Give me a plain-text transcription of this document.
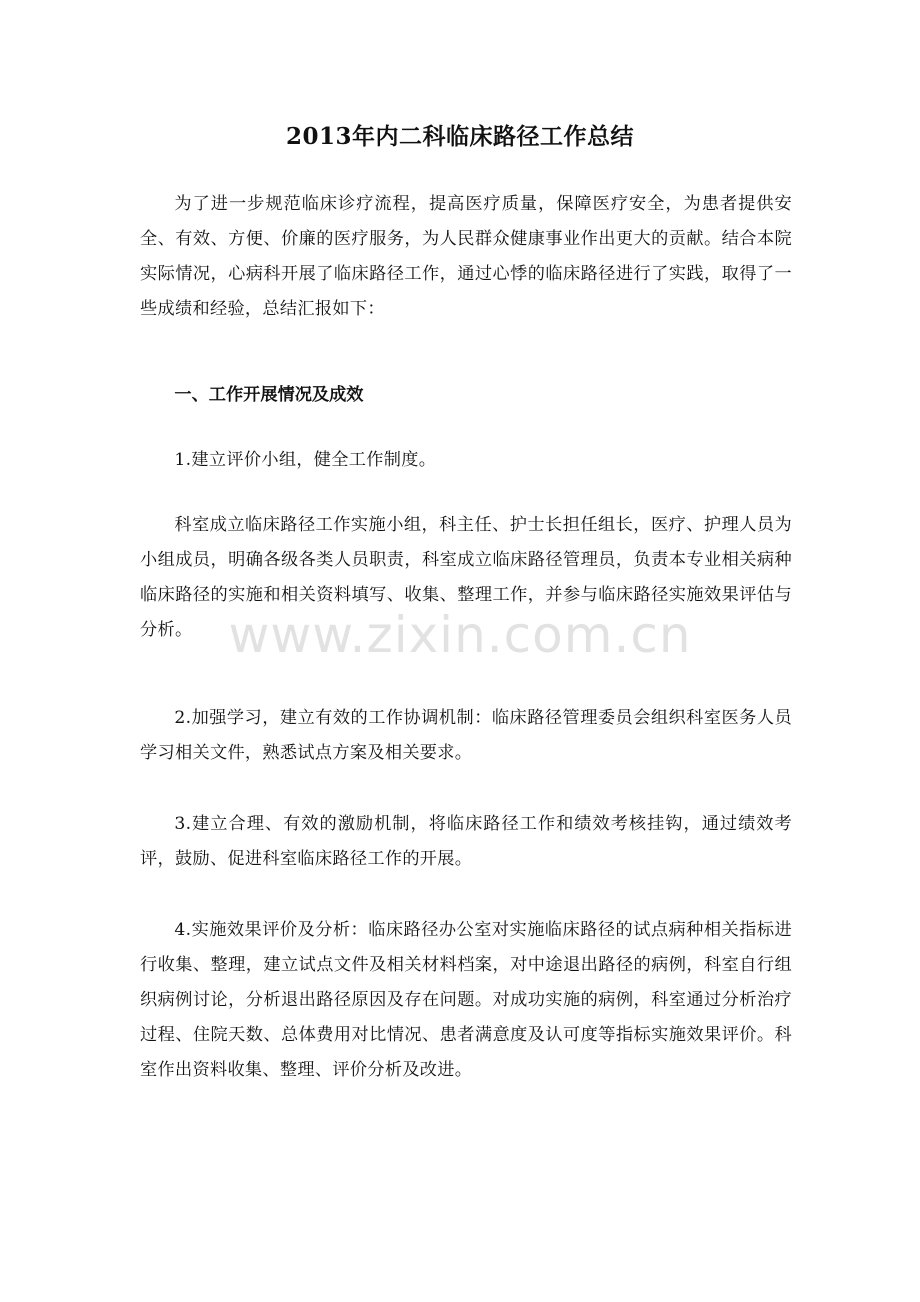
2013年内二科临床路径工作总结

为了进一步规范临床诊疗流程，提高医疗质量，保障医疗安全，为患者提供安全、有效、方便、价廉的医疗服务，为人民群众健康事业作出更大的贡献。结合本院实际情况，心病科开展了临床路径工作，通过心悸的临床路径进行了实践，取得了一些成绩和经验，总结汇报如下：

一、工作开展情况及成效

1.建立评价小组，健全工作制度。

科室成立临床路径工作实施小组，科主任、护士长担任组长，医疗、护理人员为小组成员，明确各级各类人员职责，科室成立临床路径管理员，负责本专业相关病种临床路径的实施和相关资料填写、收集、整理工作，并参与临床路径实施效果评估与分析。

2.加强学习，建立有效的工作协调机制：临床路径管理委员会组织科室医务人员学习相关文件，熟悉试点方案及相关要求。

3.建立合理、有效的激励机制，将临床路径工作和绩效考核挂钩，通过绩效考评，鼓励、促进科室临床路径工作的开展。

4.实施效果评价及分析：临床路径办公室对实施临床路径的试点病种相关指标进行收集、整理，建立试点文件及相关材料档案，对中途退出路径的病例，科室自行组织病例讨论，分析退出路径原因及存在问题。对成功实施的病例，科室通过分析治疗过程、住院天数、总体费用对比情况、患者满意度及认可度等指标实施效果评价。科室作出资料收集、整理、评价分析及改进。

www.zixin.com.cn
